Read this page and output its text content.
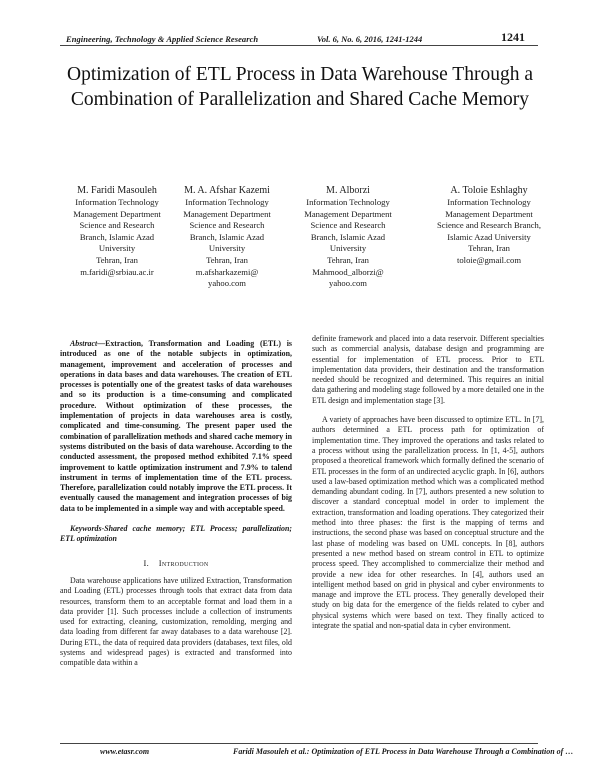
Engineering, Technology & Applied Science Research	Vol. 6, No. 6, 2016, 1241-1244	1241
Optimization of ETL Process in Data Warehouse Through a Combination of Parallelization and Shared Cache Memory
M. Faridi Masouleh
Information Technology
Management Department
Science and Research
Branch, Islamic Azad
University
Tehran, Iran
m.faridi@srbiau.ac.ir
M. A. Afshar Kazemi
Information Technology
Management Department
Science and Research
Branch, Islamic Azad
University
Tehran, Iran
m.afsharkazemi@
yahoo.com
M. Alborzi
Information Technology
Management Department
Science and Research
Branch, Islamic Azad
University
Tehran, Iran
Mahmood_alborzi@
yahoo.com
A. Toloie Eshlaghy
Information Technology
Management Department
Science and Research Branch,
Islamic Azad University
Tehran, Iran
toloie@gmail.com

Abstract—Extraction, Transformation and Loading (ETL) is introduced as one of the notable subjects in optimization, management, improvement and acceleration of processes and operations in data bases and data warehouses. The creation of ETL processes is potentially one of the greatest tasks of data warehouses and so its production is a time-consuming and complicated procedure. Without optimization of these processes, the implementation of projects in data warehouses area is costly, complicated and time-consuming. The present paper used the combination of parallelization methods and shared cache memory in systems distributed on the basis of data warehouse. According to the conducted assessment, the proposed method exhibited 7.1% speed improvement to kattle optimization instrument and 7.9% to talend instrument in terms of implementation time of the ETL process. Therefore, parallelization could notably improve the ETL process. It eventually caused the management and integration processes of big data to be implemented in a simple way and with acceptable speed.

Keywords-Shared cache memory; ETL Process; parallelization; ETL optimization

I. Introduction

Data warehouse applications have utilized Extraction, Transformation and Loading (ETL) processes through tools that extract data from data resources, transform them to an acceptable format and load them in a data provider [1]. Such processes include a collection of instruments used for extracting, cleaning, customization, remolding, merging and data loading from different far away databases to a data warehouse [2]. During ETL, the data of required data providers (databases, text files, old systems and widespread pages) is extracted and transformed into compatible data within a

definite framework and placed into a data reservoir. Different specialties such as commercial analysis, database design and programming are essential for implementation of ETL process. Prior to ETL implementation data providers, their destination and the transformation needed should be recognized and determined. This requires an initial data gathering and modeling stage followed by a more detailed one in the ETL design and implementation stage [3].

A variety of approaches have been discussed to optimize ETL. In [7], authors determined a ETL process path for optimization of implementation time. They improved the operations and tasks related to a process without using the parallelization process. In [1, 4-5], authors proposed a theoretical framework which formally defined the scenario of ETL processes in the form of an undirected acyclic graph. In [6], authors used a law-based optimization method which was a complicated method demanding abundant coding. In [7], authors presented a new solution to discover a standard conceptual model in order to implement the extraction, transformation and loading operations. They categorized their method into three phases: the first is the mapping of terms and instructions, the second phase was based on conceptual structure and the last phase of modeling was based on UML concepts. In [8], authors presented a new method based on stream control in ETL to optimize process speed. They accomplished to commercialize their method and provide a new idea for other researches. In [4], authors used an intelligent method based on grid in physical and cyber environments to manage and improve the ETL process. They generally developed their study on big data for the emergence of the fields related to cyber and physical systems which were based on text. They finally acticed to integrate the spatial and non-spatial data in cyber environment.

www.etasr.com	Faridi Masouleh et al.: Optimization of ETL Process in Data Warehouse Through a Combination of …
